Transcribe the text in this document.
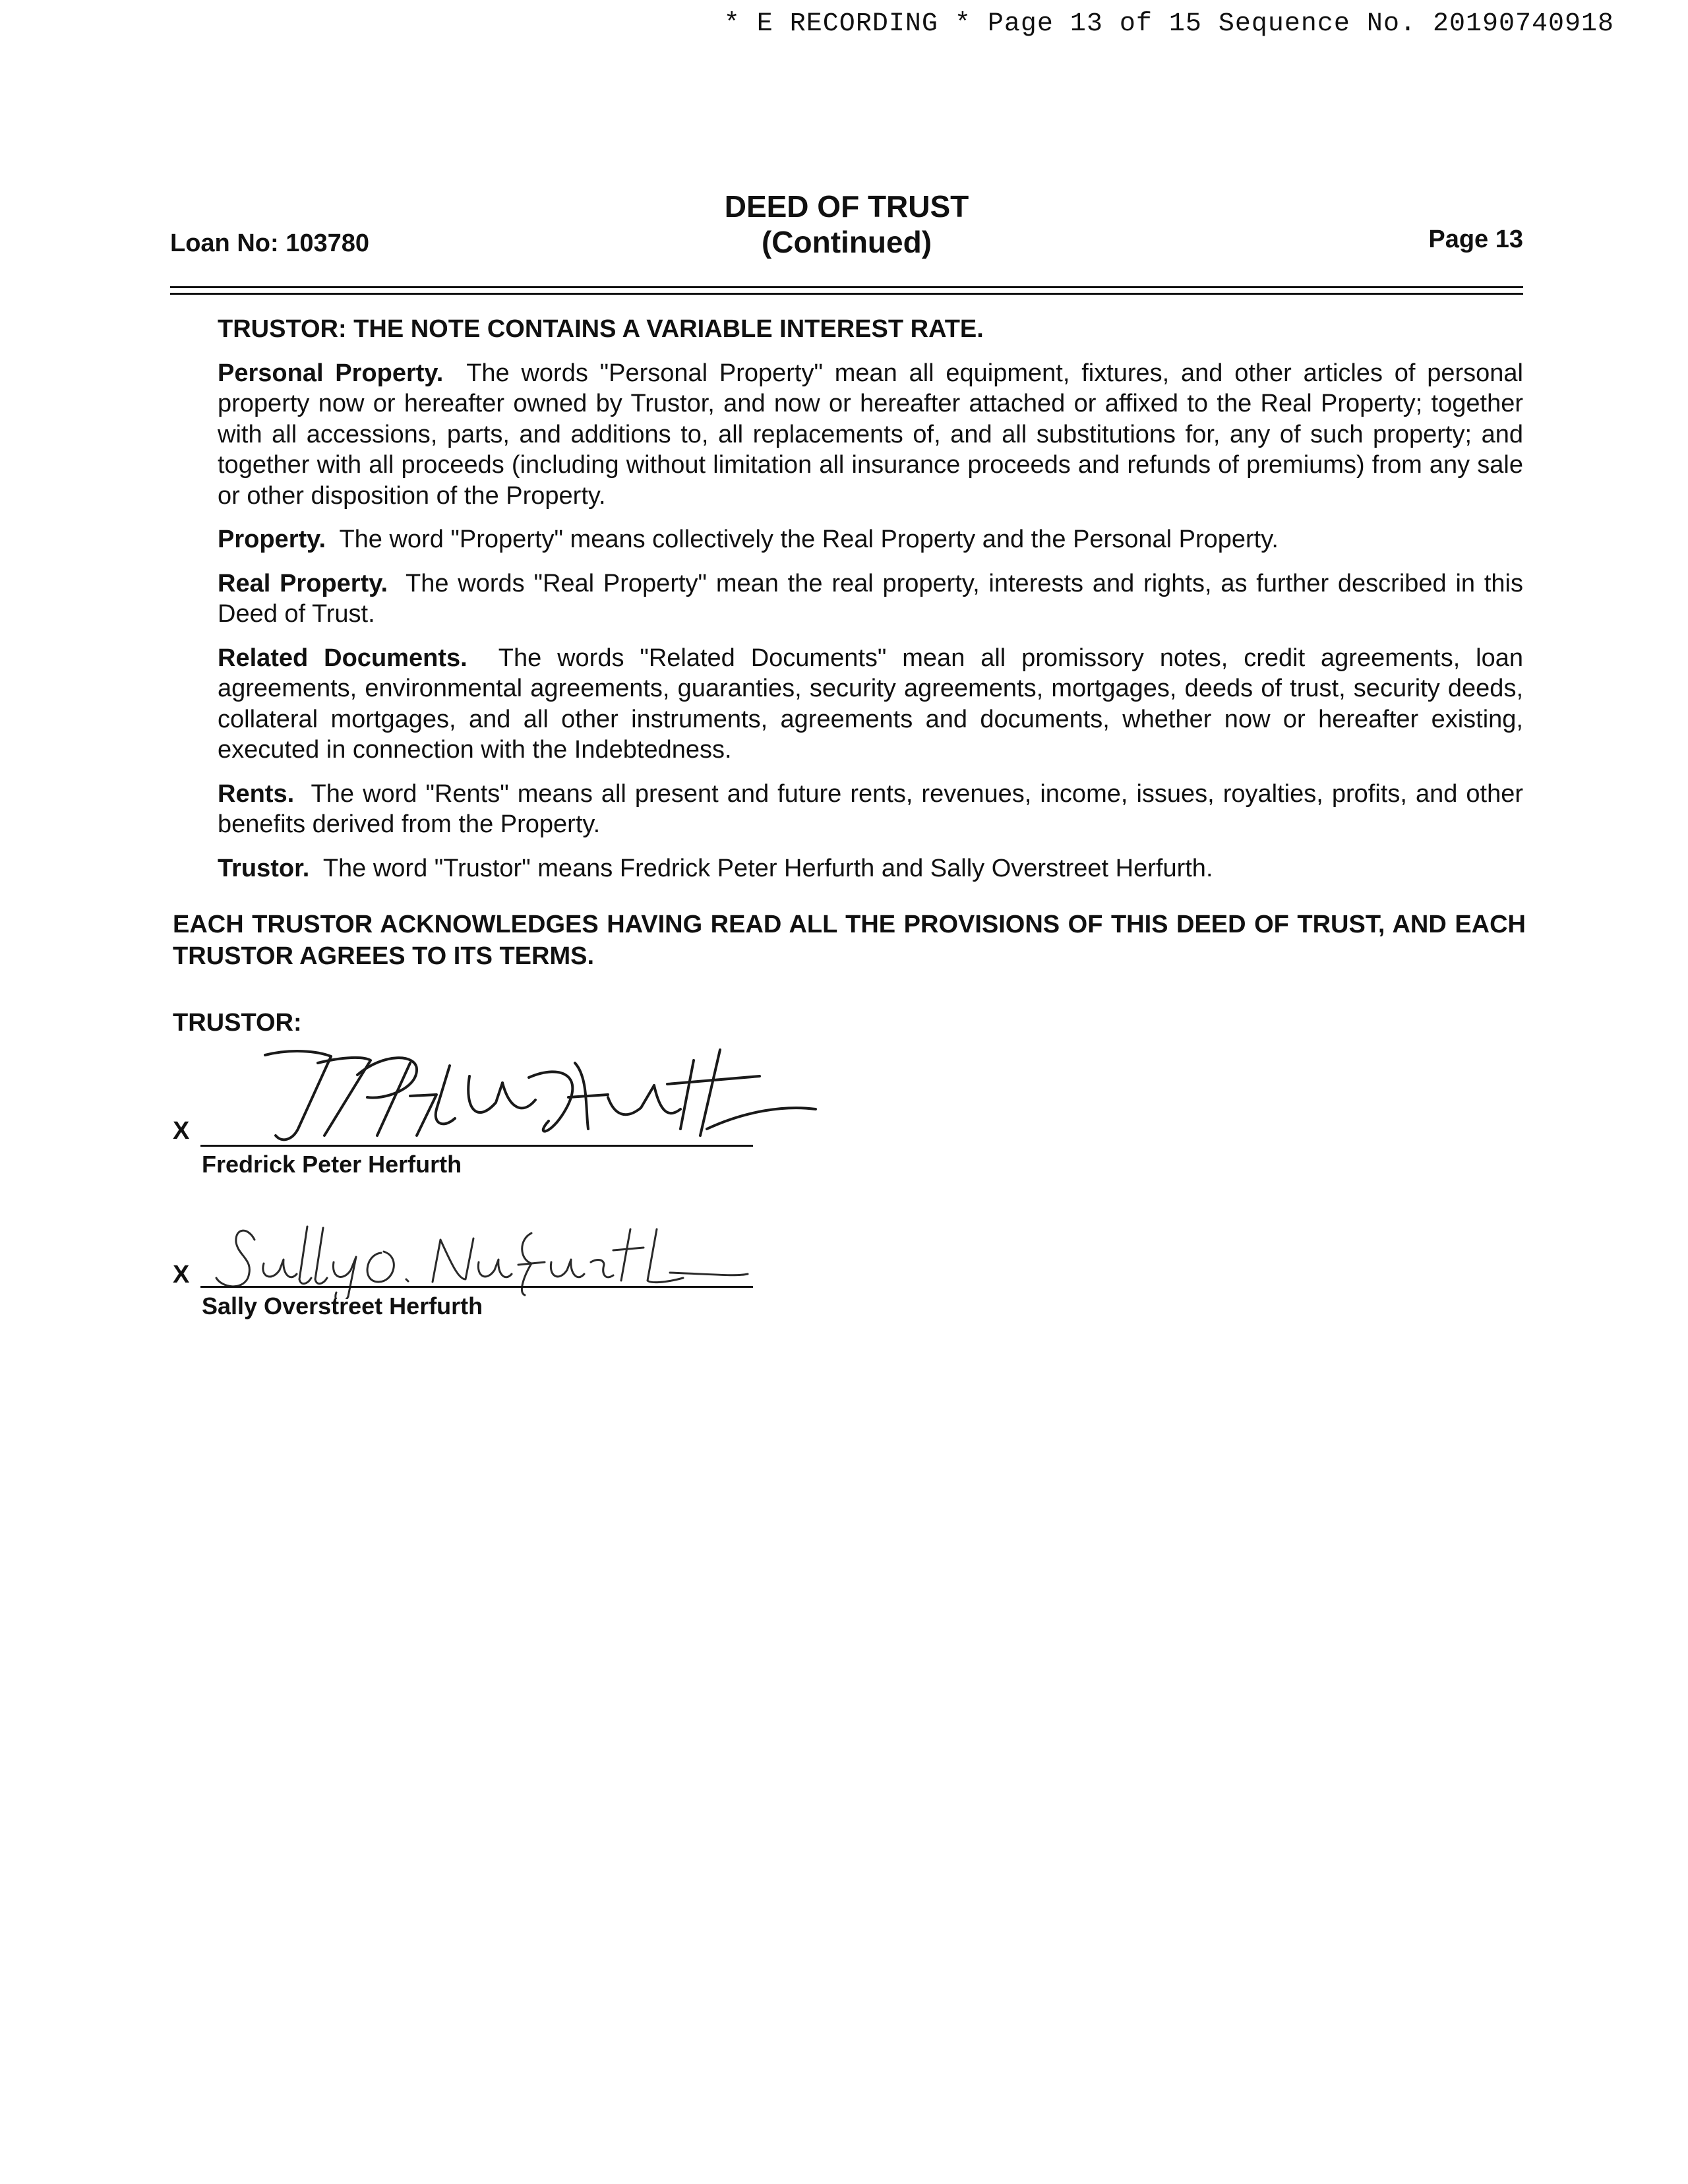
* E RECORDING * Page 13 of 15 Sequence No. 20190740918
Loan No: 103780
DEED OF TRUST
(Continued)	Page 13

TRUSTOR: THE NOTE CONTAINS A VARIABLE INTEREST RATE.

Personal Property. The words "Personal Property" mean all equipment, fixtures, and other articles of personal property now or hereafter owned by Trustor, and now or hereafter attached or affixed to the Real Property; together with all accessions, parts, and additions to, all replacements of, and all substitutions for, any of such property; and together with all proceeds (including without limitation all insurance proceeds and refunds of premiums) from any sale or other disposition of the Property.

Property. The word "Property" means collectively the Real Property and the Personal Property.

Real Property. The words "Real Property" mean the real property, interests and rights, as further described in this Deed of Trust.

Related Documents. The words "Related Documents" mean all promissory notes, credit agreements, loan agreements, environmental agreements, guaranties, security agreements, mortgages, deeds of trust, security deeds, collateral mortgages, and all other instruments, agreements and documents, whether now or hereafter existing, executed in connection with the Indebtedness.

Rents. The word "Rents" means all present and future rents, revenues, income, issues, royalties, profits, and other benefits derived from the Property.

Trustor. The word "Trustor" means Fredrick Peter Herfurth and Sally Overstreet Herfurth.

EACH TRUSTOR ACKNOWLEDGES HAVING READ ALL THE PROVISIONS OF THIS DEED OF TRUST, AND EACH TRUSTOR AGREES TO ITS TERMS.
TRUSTOR:
X
Fredrick Peter Herfurth
X
Sally Overstreet Herfurth
